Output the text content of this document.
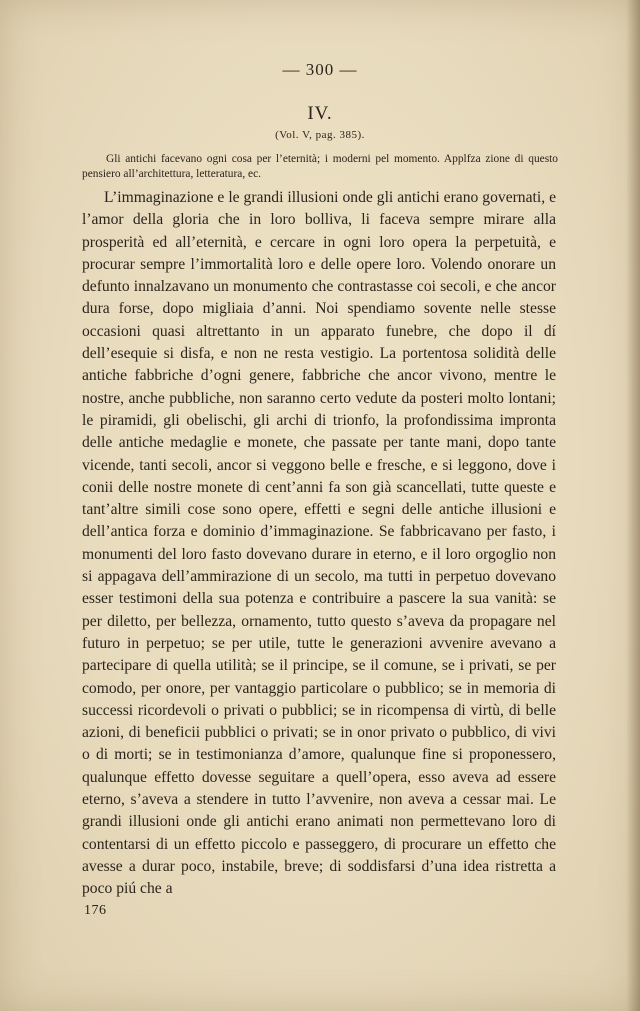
— 300 —
IV.
(Vol. V, pag. 385).
Gli antichi facevano ogni cosa per l’eternità; i moderni pel momento. Applfza zione di questo pensiero all’architettura, letteratura, ec.
L’immaginazione e le grandi illusioni onde gli antichi erano governati, e l’amor della gloria che in loro bolliva, li faceva sempre mirare alla prosperità ed all’eternità, e cercare in ogni loro opera la perpetuità, e procurar sempre l’immortalità loro e delle opere loro. Volendo onorare un defunto innalzavano un monumento che contrastasse coi secoli, e che ancor dura forse, dopo migliaia d’anni. Noi spendiamo sovente nelle stesse occasioni quasi altrettanto in un apparato funebre, che dopo il dí dell’esequie si disfa, e non ne resta vestigio. La portentosa solidità delle antiche fabbriche d’ogni genere, fabbriche che ancor vivono, mentre le nostre, anche pubbliche, non saranno certo vedute da posteri molto lontani; le piramidi, gli obelischi, gli archi di trionfo, la profondissima impronta delle antiche medaglie e monete, che passate per tante mani, dopo tante vicende, tanti secoli, ancor si veggono belle e fresche, e si leggono, dove i conii delle nostre monete di cent’anni fa son già scancellati, tutte queste e tant’altre simili cose sono opere, effetti e segni delle antiche illusioni e dell’antica forza e dominio d’immaginazione. Se fabbricavano per fasto, i monumenti del loro fasto dovevano durare in eterno, e il loro orgoglio non si appagava dell’ammirazione di un secolo, ma tutti in perpetuo dovevano esser testimoni della sua potenza e contribuire a pascere la sua vanità: se per diletto, per bellezza, ornamento, tutto questo s’aveva da propagare nel futuro in perpetuo; se per utile, tutte le generazioni avvenire avevano a partecipare di quella utilità; se il principe, se il comune, se i privati, se per comodo, per onore, per vantaggio particolare o pubblico; se in memoria di successi ricordevoli o privati o pubblici; se in ricompensa di virtù, di belle azioni, di beneficii pubblici o privati; se in onor privato o pubblico, di vivi o di morti; se in testimonianza d’amore, qualunque fine si proponessero, qualunque effetto dovesse seguitare a quell’opera, esso aveva ad essere eterno, s’aveva a stendere in tutto l’avvenire, non aveva a cessar mai. Le grandi illusioni onde gli antichi erano animati non permettevano loro di contentarsi di un effetto piccolo e passeggero, di procurare un effetto che avesse a durar poco, instabile, breve; di soddisfarsi d’una idea ristretta a poco piú che a
176
